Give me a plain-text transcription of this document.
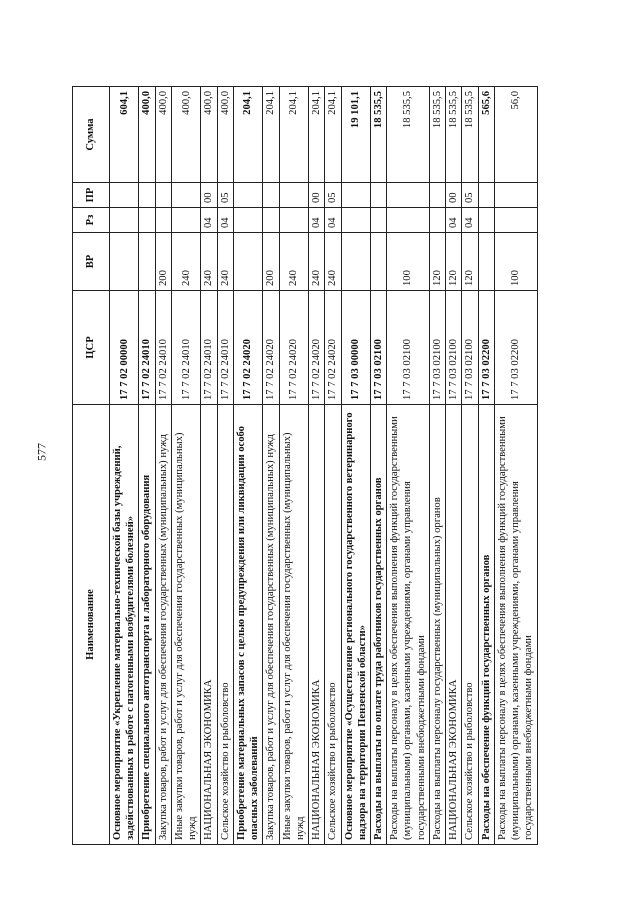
577
Наименование	ЦСР	ВР	Рз	ПР	Сумма
Основное мероприятие «Укрепление материально-технической базы учреждений, задействованных в работе с патогенными возбудителями болезней»	17 7 02 00000				604,1
Приобретение специального автотранспорта и лабораторного оборудования	17 7 02 24010				400,0
Закупка товаров, работ и услуг для обеспечения государственных (муниципальных) нужд	17 7 02 24010	200			400,0
Иные закупки товаров, работ и услуг для обеспечения государственных (муниципальных) нужд	17 7 02 24010	240			400,0
НАЦИОНАЛЬНАЯ ЭКОНОМИКА	17 7 02 24010	240	04	00	400,0
Сельское хозяйство и рыболовство	17 7 02 24010	240	04	05	400,0
Приобретение материальных запасов с целью предупреждения или ликвидации особо опасных заболеваний	17 7 02 24020				204,1
Закупка товаров, работ и услуг для обеспечения государственных (муниципальных) нужд	17 7 02 24020	200			204,1
Иные закупки товаров, работ и услуг для обеспечения государственных (муниципальных) нужд	17 7 02 24020	240			204,1
НАЦИОНАЛЬНАЯ ЭКОНОМИКА	17 7 02 24020	240	04	00	204,1
Сельское хозяйство и рыболовство	17 7 02 24020	240	04	05	204,1
Основное мероприятие «Осуществление регионального государственного ветеринарного надзора на территории Пензенской области»	17 7 03 00000				19 101,1
Расходы на выплаты по оплате труда работников государственных органов	17 7 03 02100				18 535,5
Расходы на выплаты персоналу в целях обеспечения выполнения функций государственными (муниципальными) органами, казенными учреждениями, органами управления государственными внебюджетными фондами	17 7 03 02100	100			18 535,5
Расходы на выплаты персоналу государственных (муниципальных) органов	17 7 03 02100	120			18 535,5
НАЦИОНАЛЬНАЯ ЭКОНОМИКА	17 7 03 02100	120	04	00	18 535,5
Сельское хозяйство и рыболовство	17 7 03 02100	120	04	05	18 535,5
Расходы на обеспечение функций государственных органов	17 7 03 02200				565,6
Расходы на выплаты персоналу в целях обеспечения выполнения функций государственными (муниципальными) органами, казенными учреждениями, органами управления государственными внебюджетными фондами	17 7 03 02200	100			56,0
